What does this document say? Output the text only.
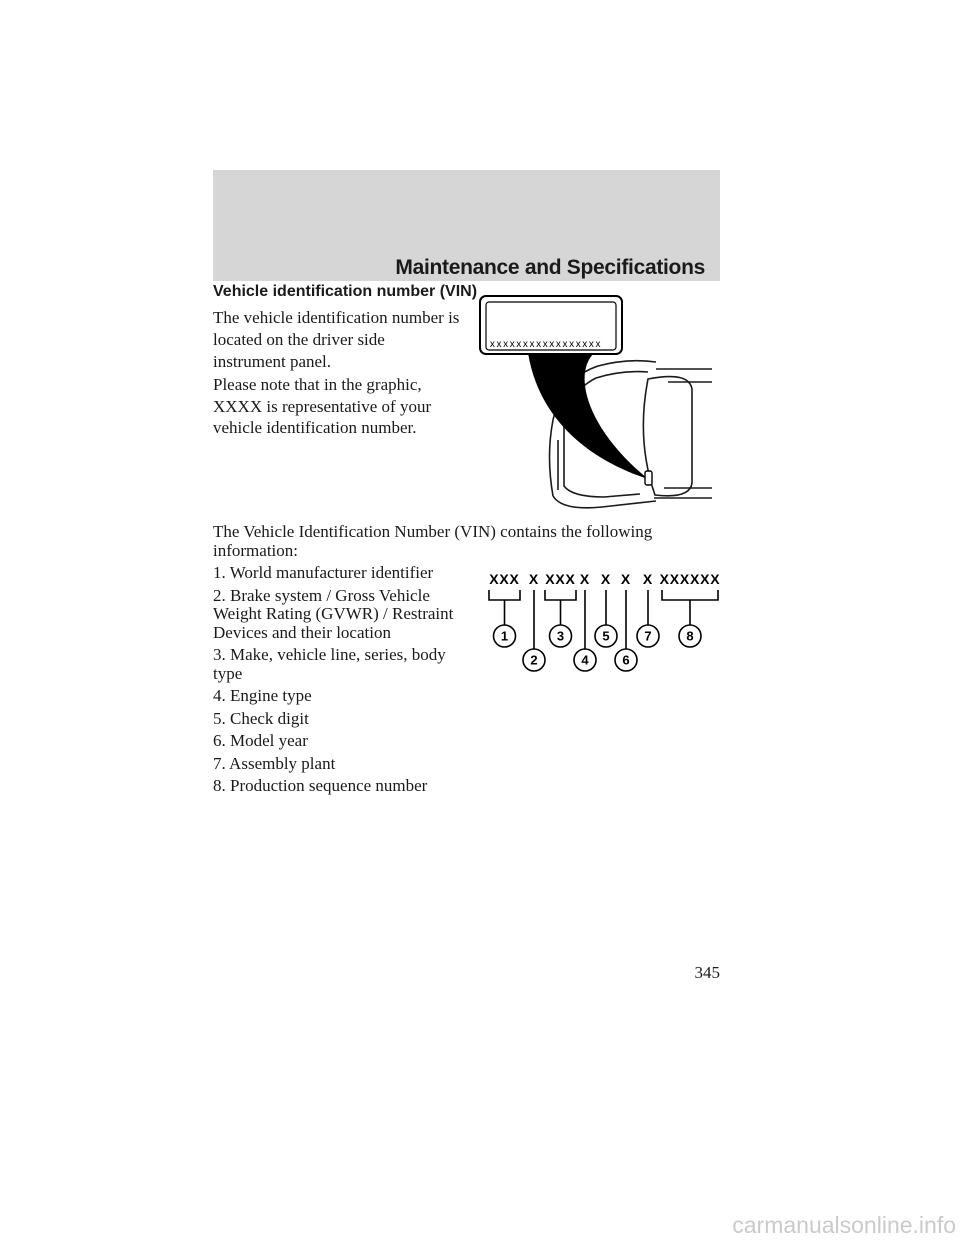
Maintenance and Specifications
Vehicle identification number (VIN)
The vehicle identification number is
located on the driver side
instrument panel.
Please note that in the graphic,
XXXX is representative of your
vehicle identification number.
The Vehicle Identification Number (VIN) contains the following
information:
1. World manufacturer identifier
2. Brake system / Gross Vehicle
Weight Rating (GVWR) / Restraint
Devices and their location
3. Make, vehicle line, series, body
type
4. Engine type
5. Check digit
6. Model year
7. Assembly plant
8. Production sequence number
xxxxxxxxxxxxxxxxx
XXX X XXX X X X X XXXXXX
1
2
3
4
5
6
7	8
345
carmanualsonline.info
